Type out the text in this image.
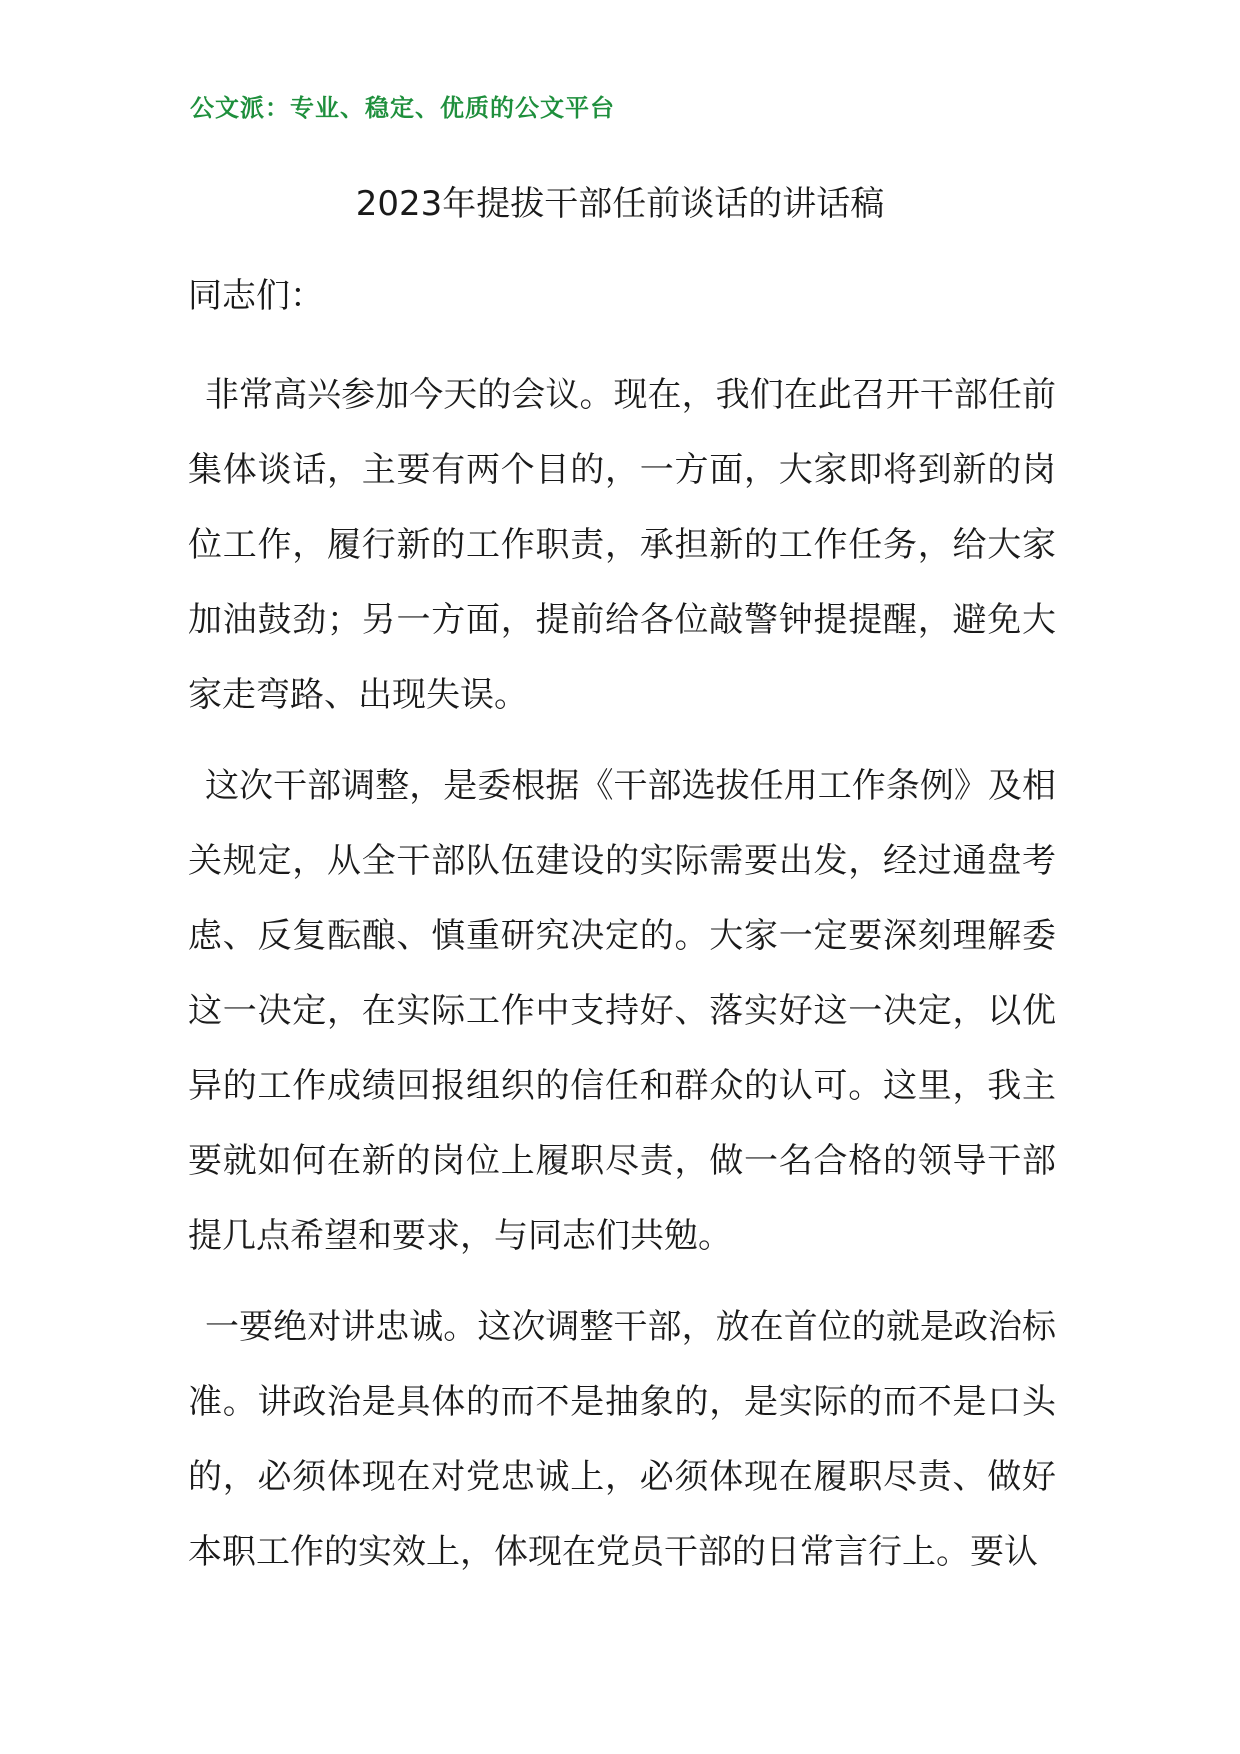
公文派：专业、稳定、优质的公文平台
2023年提拔干部任前谈话的讲话稿
同志们：

非常高兴参加今天的会议。现在，我们在此召开干部任前集体谈话，主要有两个目的，一方面，大家即将到新的岗位工作，履行新的工作职责，承担新的工作任务，给大家加油鼓劲；另一方面，提前给各位敲警钟提提醒，避免大家走弯路、出现失误。

这次干部调整，是委根据《干部选拔任用工作条例》及相关规定，从全干部队伍建设的实际需要出发，经过通盘考虑、反复酝酿、慎重研究决定的。大家一定要深刻理解委这一决定，在实际工作中支持好、落实好这一决定，以优异的工作成绩回报组织的信任和群众的认可。这里，我主要就如何在新的岗位上履职尽责，做一名合格的领导干部提几点希望和要求，与同志们共勉。

一要绝对讲忠诚。这次调整干部，放在首位的就是政治标准。讲政治是具体的而不是抽象的，是实际的而不是口头的，必须体现在对党忠诚上，必须体现在履职尽责、做好本职工作的实效上，体现在党员干部的日常言行上。要认
